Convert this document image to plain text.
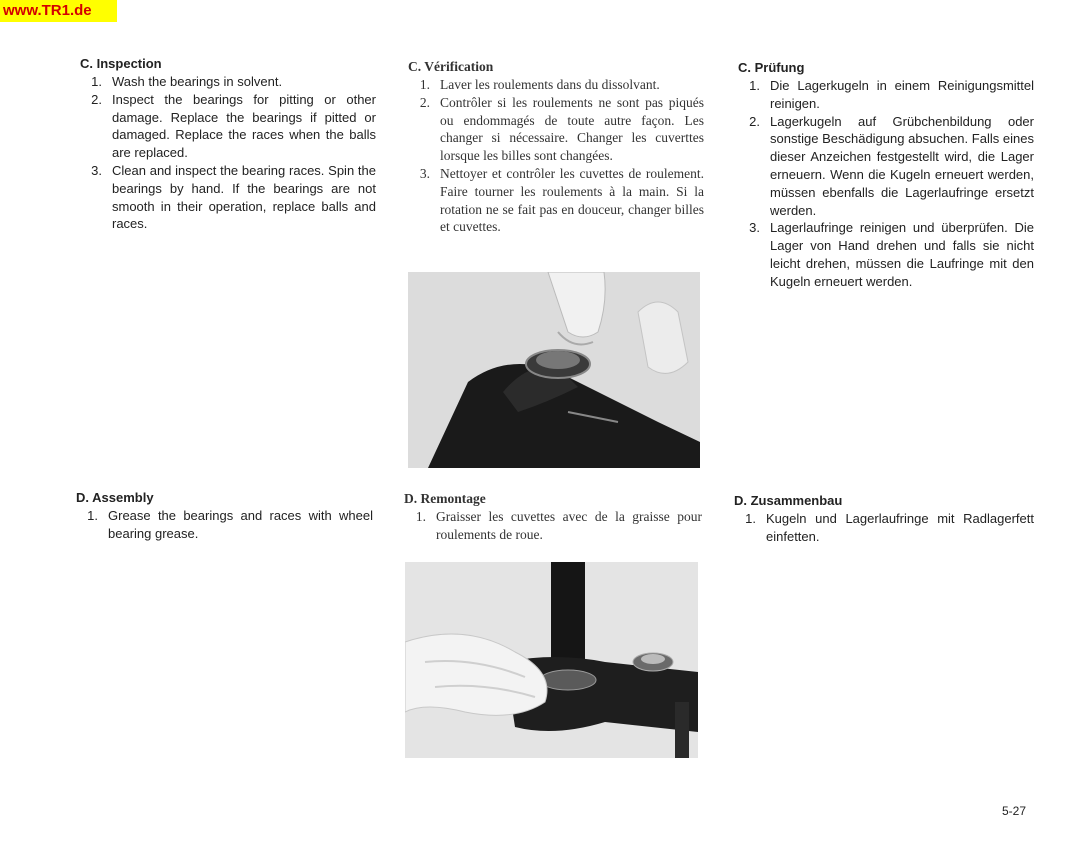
www.TR1.de
C. Inspection
1. Wash the bearings in solvent.
2. Inspect the bearings for pitting or other damage. Replace the bearings if pitted or damaged. Replace the races when the balls are replaced.
3. Clean and inspect the bearing races. Spin the bearings by hand. If the bearings are not smooth in their operation, replace balls and races.
C. Vérification
1. Laver les roulements dans du dissolvant.
2. Contrôler si les roulements ne sont pas piqués ou endommagés de toute autre façon. Les changer si nécessaire. Changer les cuverttes lorsque les billes sont changées.
3. Nettoyer et contrôler les cuvettes de roulement. Faire tourner les roulements à la main. Si la rotation ne se fait pas en douceur, changer billes et cuvettes.
C. Prüfung
1. Die Lagerkugeln in einem Reinigungsmittel reinigen.
2. Lagerkugeln auf Grübchenbildung oder sonstige Beschädigung absuchen. Falls eines dieser Anzeichen festgestellt wird, die Lager erneuern. Wenn die Kugeln erneuert werden, müssen ebenfalls die Lagerlaufringe ersetzt werden.
3. Lagerlaufringe reinigen und überprüfen. Die Lager von Hand drehen und falls sie nicht leicht drehen, müssen die Laufringe mit den Kugeln erneuert werden.
D. Assembly
1. Grease the bearings and races with wheel bearing grease.
D. Remontage
1. Graisser les cuvettes avec de la graisse pour roulements de roue.
D. Zusammenbau
1. Kugeln und Lagerlaufringe mit Radlagerfett einfetten.
5-27
